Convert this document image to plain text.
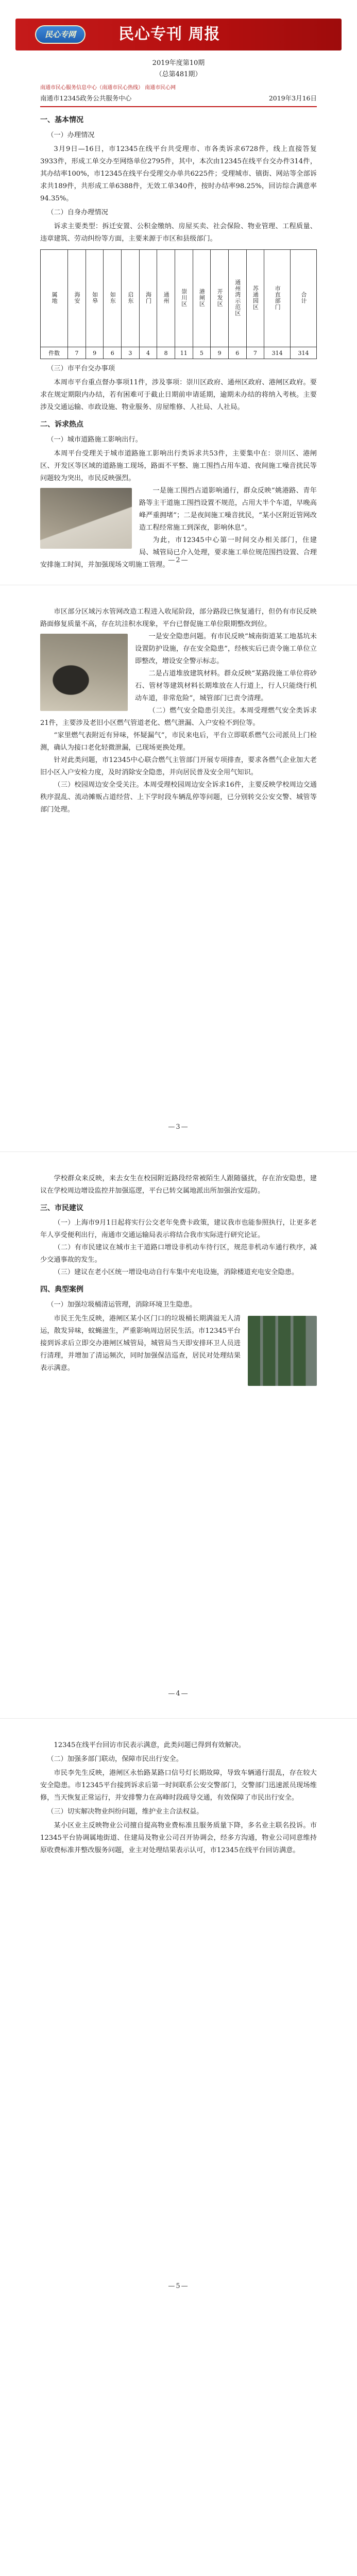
民心专网	民心专刊 周报
2019年度第10期
（总第481期）
南通市民心服务信息中心（南通市民心热线） 南通市民心网
南通市12345政务公共服务中心	2019年3月16日
一、基本情况
（一）办理情况

3月9日—16日，市12345在线平台共受理市、市各类诉求6728件，线上直接答复3933件，形成工单交办至网络单位2795件，其中，本次由12345在线平台交办件314件，其办结率100%，市12345在线平台受理交办单共6225件；受理城市、镇街、网站等全部诉求共189件，共形成工单6388件，无效工单340件，按时办结率98.25%，回访综合满意率94.35%。

（二）自身办理情况

诉求主要类型：拆迁安置、公积金缴纳、房屋买卖、社会保险、物业管理、工程质量、违章建筑、劳动纠纷等方面，主要来源于市区和县级部门。

属地	海安	如皋	如东	启东	海门	通州	崇川区	港闸区	开发区	通州湾示范区	苏通园区	市直部门	合计
件数	7	9	6	3	4	8	11	5	9	6	7	314	314
（三）市平台交办事项

本周市平台重点督办事项11件，涉及事项：崇川区政府、通州区政府、港闸区政府。要求在规定期限内办结，若有困难可于截止日期前申请延期，逾期未办结的将纳入考核。主要涉及交通运输、市政设施、物业服务、房屋维修、人社局、人社局。

二、诉求热点
（一）城市道路施工影响出行。

本周平台受理关于城市道路施工影响出行类诉求共53件，主要集中在：崇川区、港闸区、开发区等区域的道路施工现场，路面不平整、施工围挡占用车道、夜间施工噪音扰民等问题较为突出，市民反映强烈。

一是施工围挡占道影响通行，群众反映“姚港路、青年路等主干道施工围挡设置不规范，占用大半个车道，早晚高峰严重拥堵”；二是夜间施工噪音扰民，“某小区附近管网改造工程经常施工到深夜，影响休息”。

为此，市12345中心第一时间交办相关部门，住建局、城管局已介入处理，要求施工单位规范围挡设置、合理安排施工时间，并加强现场文明施工管理。

—2—

市区部分区域污水管网改造工程进入收尾阶段，部分路段已恢复通行，但仍有市民反映路面修复质量不高，存在坑洼积水现象，平台已督促施工单位限期整改到位。

一是安全隐患问题。有市民反映“城南街道某工地基坑未设置防护设施，存在安全隐患”，经核实后已责令施工单位立即整改，增设安全警示标志。

二是占道堆放建筑材料。群众反映“某路段施工单位将砂石、管材等建筑材料长期堆放在人行道上，行人只能绕行机动车道，非常危险”，城管部门已责令清理。

（二）燃气安全隐患引关注。本周受理燃气安全类诉求21件，主要涉及老旧小区燃气管道老化、燃气泄漏、入户安检不到位等。

“家里燃气表附近有异味，怀疑漏气”，市民来电后，平台立即联系燃气公司派员上门检测，确认为接口老化轻微泄漏，已现场更换处理。

针对此类问题，市12345中心联合燃气主管部门开展专项排查，要求各燃气企业加大老旧小区入户安检力度，及时消除安全隐患，并向居民普及安全用气知识。

（三）校园周边安全受关注。本周受理校园周边安全诉求16件，主要反映学校周边交通秩序混乱、流动摊贩占道经营、上下学时段车辆乱停等问题，已分别转交公安交警、城管等部门处理。

—3—

学校群众来反映，来去女生在校园附近路段经常被陌生人跟随骚扰，存在治安隐患，建议在学校周边增设监控并加强巡逻，平台已转交属地派出所加强治安巡防。

三、市民建议

（一）上海市9月1日起将实行公交老年免费卡政策，建议我市也能参照执行，让更多老年人享受便利出行，南通市交通运输局表示将结合我市实际进行研究论证。

（二）有市民建议在城市主干道路口增设非机动车待行区，规范非机动车通行秩序，减少交通事故的发生。

（三）建议在老小区统一增设电动自行车集中充电设施，消除楼道充电安全隐患。

四、典型案例
（一）加强垃圾桶清运管理，消除环境卫生隐患。

市民王先生反映，港闸区某小区门口的垃圾桶长期满溢无人清运，散发异味，蚊蝇滋生，严重影响周边居民生活。市12345平台接到诉求后立即交办港闸区城管局，城管局当天即安排环卫人员进行清理，并增加了清运频次，同时加强保洁巡查，居民对处理结果表示满意。

—4—

12345在线平台回访市民表示满意，此类问题已得到有效解决。

（二）加强多部门联动，保障市民出行安全。

市民李先生反映，港闸区永怡路某路口信号灯长期故障，导致车辆通行混乱，存在较大安全隐患。市12345平台接到诉求后第一时间联系公安交警部门，交警部门迅速派员现场维修，当天恢复正常运行，并安排警力在高峰时段疏导交通，有效保障了市民出行安全。

（三）切实解决物业纠纷问题，维护业主合法权益。

某小区业主反映物业公司擅自提高物业费标准且服务质量下降，多名业主联名投诉。市12345平台协调属地街道、住建局及物业公司召开协调会，经多方沟通，物业公司同意维持原收费标准并整改服务问题，业主对处理结果表示认可，市12345在线平台回访满意。

—5—
